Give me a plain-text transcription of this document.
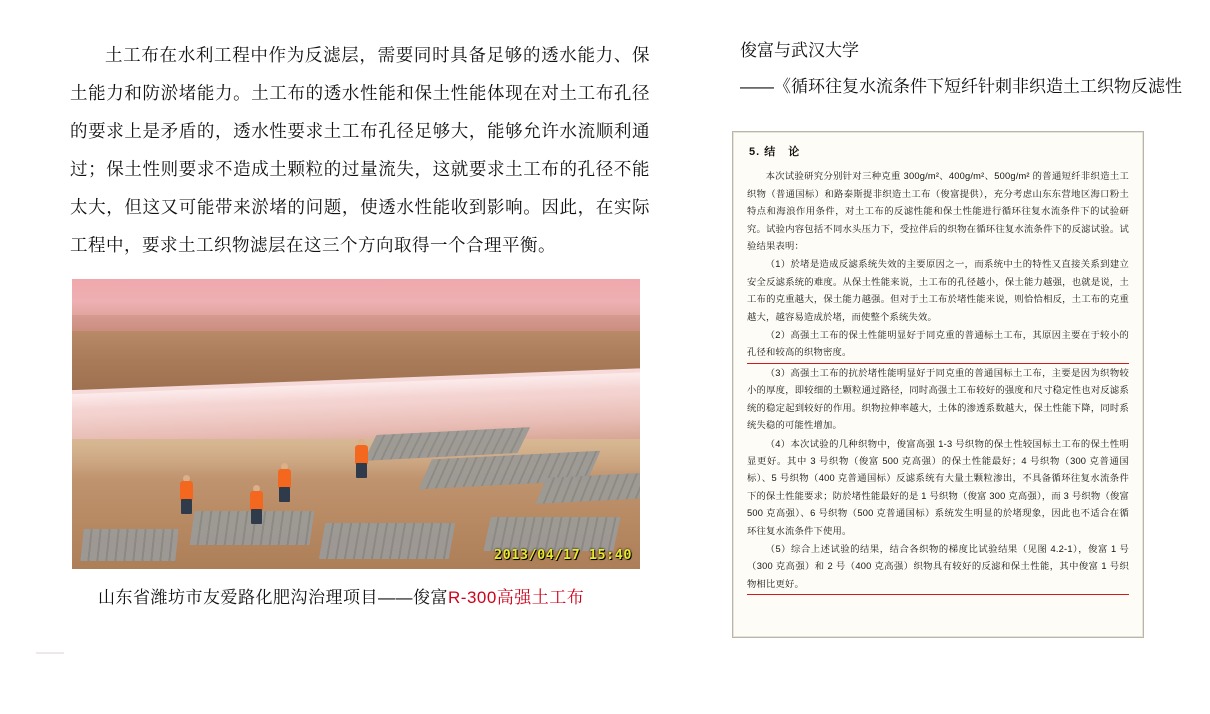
土工布在水利工程中作为反滤层，需要同时具备足够的透水能力、保土能力和防淤堵能力。土工布的透水性能和保土性能体现在对土工布孔径的要求上是矛盾的，透水性要求土工布孔径足够大，能够允许水流顺利通过；保土性则要求不造成土颗粒的过量流失，这就要求土工布的孔径不能太大，但这又可能带来淤堵的问题，使透水性能收到影响。因此，在实际工程中，要求土工织物滤层在这三个方向取得一个合理平衡。

2013/04/17 15:40
山东省潍坊市友爱路化肥沟治理项目——俊富R-300高强土工布

俊富与武汉大学

——《循环往复水流条件下短纤针刺非织造土工织物反滤性

5. 结　论

本次试验研究分别针对三种克重 300g/m²、400g/m²、500g/m² 的普通短纤非织造土工织物（普通国标）和路泰斯提非织造土工布（俊富提供），充分考虑山东东营地区海口粉土特点和海浪作用条件，对土工布的反滤性能和保土性能进行循环往复水流条件下的试验研究。试验内容包括不同水头压力下，受拉伴后的织物在循环往复水流条件下的反滤试验。试验结果表明：

（1）於堵是造成反滤系统失效的主要原因之一，而系统中土的特性又直接关系到建立安全反滤系统的难度。从保土性能来说，土工布的孔径越小，保土能力越强，也就是说，土工布的克重越大，保土能力越强。但对于土工布於堵性能来说，则恰恰相反，土工布的克重越大，越容易造成於堵，而使整个系统失效。

（2）高强土工布的保土性能明显好于同克重的普通标土工布，其原因主要在于较小的孔径和较高的织物密度。

（3）高强土工布的抗於堵性能明显好于同克重的普通国标土工布，主要是因为织物较小的厚度，即较细的土颗粒通过路径，同时高强土工布较好的强度和尺寸稳定性也对反滤系统的稳定起到较好的作用。织物拉伸率越大，土体的渗透系数越大，保土性能下降，同时系统失稳的可能性增加。

（4）本次试验的几种织物中，俊富高强 1-3 号织物的保土性较国标土工布的保土性明显更好。其中 3 号织物（俊富 500 克高强）的保土性能最好；4 号织物（300 克普通国标）、5 号织物（400 克普通国标）反滤系统有大量土颗粒渗出，不具备循环往复水流条件下的保土性能要求；防於堵性能最好的是 1 号织物（俊富 300 克高强），而 3 号织物（俊富 500 克高强）、6 号织物（500 克普通国标）系统发生明显的於堵现象，因此也不适合在循环往复水流条件下使用。

（5）综合上述试验的结果，结合各织物的梯度比试验结果（见图 4.2-1），俊富 1 号（300 克高强）和 2 号（400 克高强）织物具有较好的反滤和保土性能，其中俊富 1 号织物相比更好。
